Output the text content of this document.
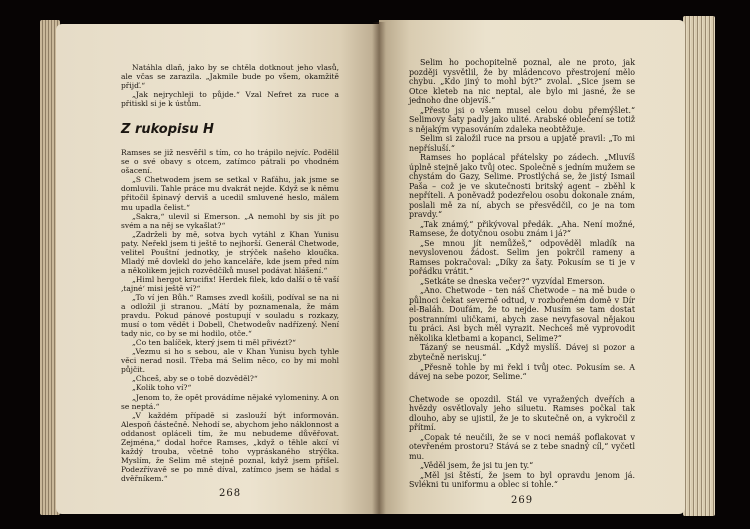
Natáhla dlaň, jako by se chtěla dotknout jeho vlasů, ale včas se zarazila. „Jakmile bude po všem, okamžitě přijď.“

„Jak nejrychleji to půjde.“ Vzal Nefret za ruce a přitiskl si je k ústům.

Z rukopisu H

Ramses se již nesvěřil s tím, co ho trápilo nejvíc. Podělil se o své obavy s otcem, zatímco pátrali po vhodném ošacení.

„S Chetwodem jsem se setkal v Rafáhu, jak jsme se domluvili. Tahle práce mu dvakrát nejde. Když se k němu přitočil špinavý derviš a ucedil smluvené heslo, málem mu upadla čelist.“

„Sakra,“ ulevil si Emerson. „A nemohl by sis jít po svém a na něj se vykašlat?“

„Zadrželi by mě, sotva bych vytáhl z Khan Yunisu paty. Neřekl jsem ti ještě to nejhorší. Generál Chetwode, velitel Pouštní jednotky, je strýček našeho kloučka. Mladý mě dovlekl do jeho kanceláře, kde jsem před ním a několikem jejich rozvědčíků musel podávat hlášení.“

„Himl hergot krucifix! Herdek filek, kdo další o tě vaší ‚tajné‘ misi ještě ví?“

„To ví jen Bůh.“ Ramses zvedl košili, podíval se na ni a odložil ji stranou. „Mátí by poznamenala, že mám pravdu. Pokud pánové postupují v souladu s rozkazy, musí o tom vědět i Dobell, Chetwodeův nadřízený. Není tady nic, co by se mi hodilo, otče.“

„Co ten balíček, který jsem ti měl přivézt?“

„Vezmu si ho s sebou, ale v Khan Yunisu bych tyhle věci nerad nosil. Třeba má Selim něco, co by mi mohl půjčit.

„Chceš, aby se o tobě dozvěděl?“

„Kolik toho ví?“

„Jenom to, že opět provádíme nějaké vylomeniny. A on se neptá.“

„V každém případě si zaslouží být informován. Alespoň částečně. Nehodí se, abychom jeho náklonnost a oddanost opláceli tím, že mu nebudeme důvěřovat. Zejména,“ dodal hořce Ramses, „když o těhle akcí ví každý trouba, včetně toho vypráskaného strýčka. Myslím, že Selim mě stejně poznal, když jsem přišel. Podezřívavě se po mně díval, zatímco jsem se hádal s dvěřníkem.“

268

Selim ho pochopitelně poznal, ale ne proto, jak později vysvětlil, že by mládencovo přestrojení mělo chybu. „Kdo jiný to mohl být?“ zvolal. „Sice jsem se Otce kleteb na nic neptal, ale bylo mi jasné, že se jednoho dne objevíš.“

„Přesto jsi o všem musel celou dobu přemýšlet.“ Selimovy šaty padly jako ulité. Arabské oblečení se totiž s nějakým vypasováním zdaleka neobtěžuje.

Selim si založil ruce na prsou a upjatě pravil: „To mi nepřísluší.“

Ramses ho poplácal přátelsky po zádech. „Mluvíš úplně stejně jako tvůj otec. Společně s jedním mužem se chystám do Gazy, Selime. Prostlýchá se, že jistý Ismail Paša – což je ve skutečnosti britský agent – zběhl k nepříteli. A poněvadž podezřelou osobu dokonale znám, poslali mě za ní, abych se přesvědčil, co je na tom pravdy.“

„Tak známý,“ přikývoval předák. „Aha. Není možné, Ramsese, že dotyčnou osobu znám i já?“

„Se mnou jít nemůžeš,“ odpověděl mladík na nevyslovenou žádost. Selim jen pokrčil rameny a Ramses pokračoval: „Díky za šaty. Pokusím se ti je v pořádku vrátit.“

„Setkáte se dneska večer?“ vyzvídal Emerson.

„Ano. Chetwode – ten náš Chetwode – na mě bude o půlnoci čekat severně odtud, v rozbořeném domě v Dír el-Baláh. Doufám, že to nejde. Musím se tam dostat postranními uličkami, abych zase nevyfasoval nějakou tu práci. Asi bych měl vyrazit. Nechceš mě vyprovodit několika kletbami a kopanci, Selime?“

Tázaný se neusmál. „Když myslíš. Dávej si pozor a zbytečně neriskuj.“

„Přesně tohle by mi řekl i tvůj otec. Pokusím se. A dávej na sebe pozor, Selime.“

Chetwode se opozdil. Stál ve vyražených dveřích a hvězdy osvětlovaly jeho siluetu. Ramses počkal tak dlouho, aby se ujistil, že je to skutečně on, a vykročil z přítmí.

„Copak té neučili, že se v noci nemáš poflakovat v otevřeném prostoru? Stává se z tebe snadný cíl,“ vyčetl mu.

„Věděl jsem, že jsi tu jen ty.“

„Měl jsi štěstí, že jsem to byl opravdu jenom já. Svlékni tu uniformu a oblec si tohle.“

269
